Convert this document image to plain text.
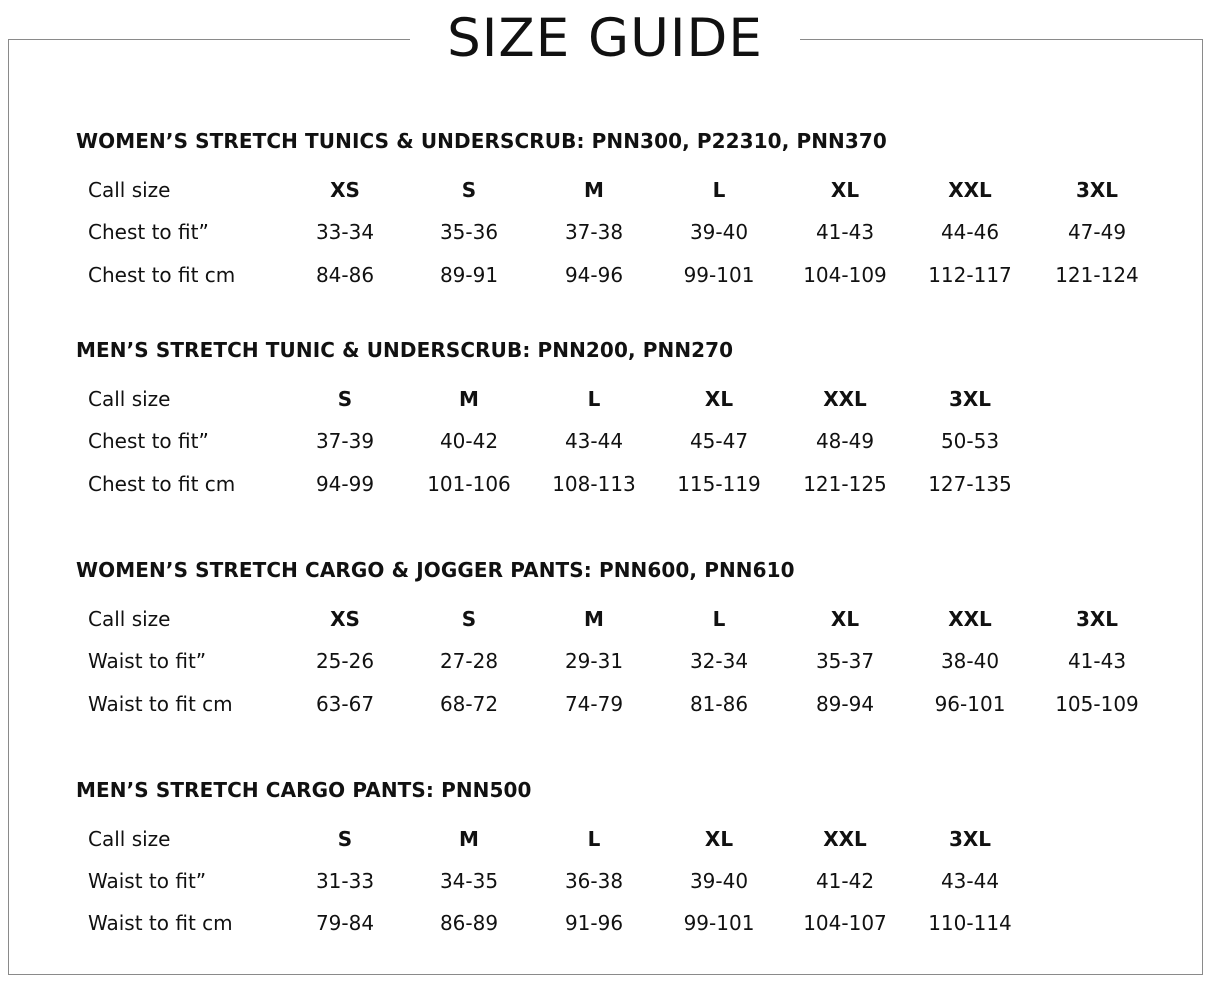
SIZE GUIDE
WOMEN’S STRETCH TUNICS & UNDERSCRUB: PNN300, P22310, PNN370
Call size	XS	S	M	L	XL	XXL	3XL
Chest to fit”	33-34	35-36	37-38	39-40	41-43	44-46	47-49
Chest to fit cm	84-86	89-91	94-96	99-101	104-109	112-117	121-124
MEN’S STRETCH TUNIC & UNDERSCRUB: PNN200, PNN270
Call size	S	M	L	XL	XXL	3XL
Chest to fit”	37-39	40-42	43-44	45-47	48-49	50-53
Chest to fit cm	94-99	101-106	108-113	115-119	121-125	127-135
WOMEN’S STRETCH CARGO & JOGGER PANTS: PNN600, PNN610
Call size	XS	S	M	L	XL	XXL	3XL
Waist to fit”	25-26	27-28	29-31	32-34	35-37	38-40	41-43
Waist to fit cm	63-67	68-72	74-79	81-86	89-94	96-101	105-109
MEN’S STRETCH CARGO PANTS: PNN500
Call size	S	M	L	XL	XXL	3XL
Waist to fit”	31-33	34-35	36-38	39-40	41-42	43-44
Waist to fit cm	79-84	86-89	91-96	99-101	104-107	110-114
